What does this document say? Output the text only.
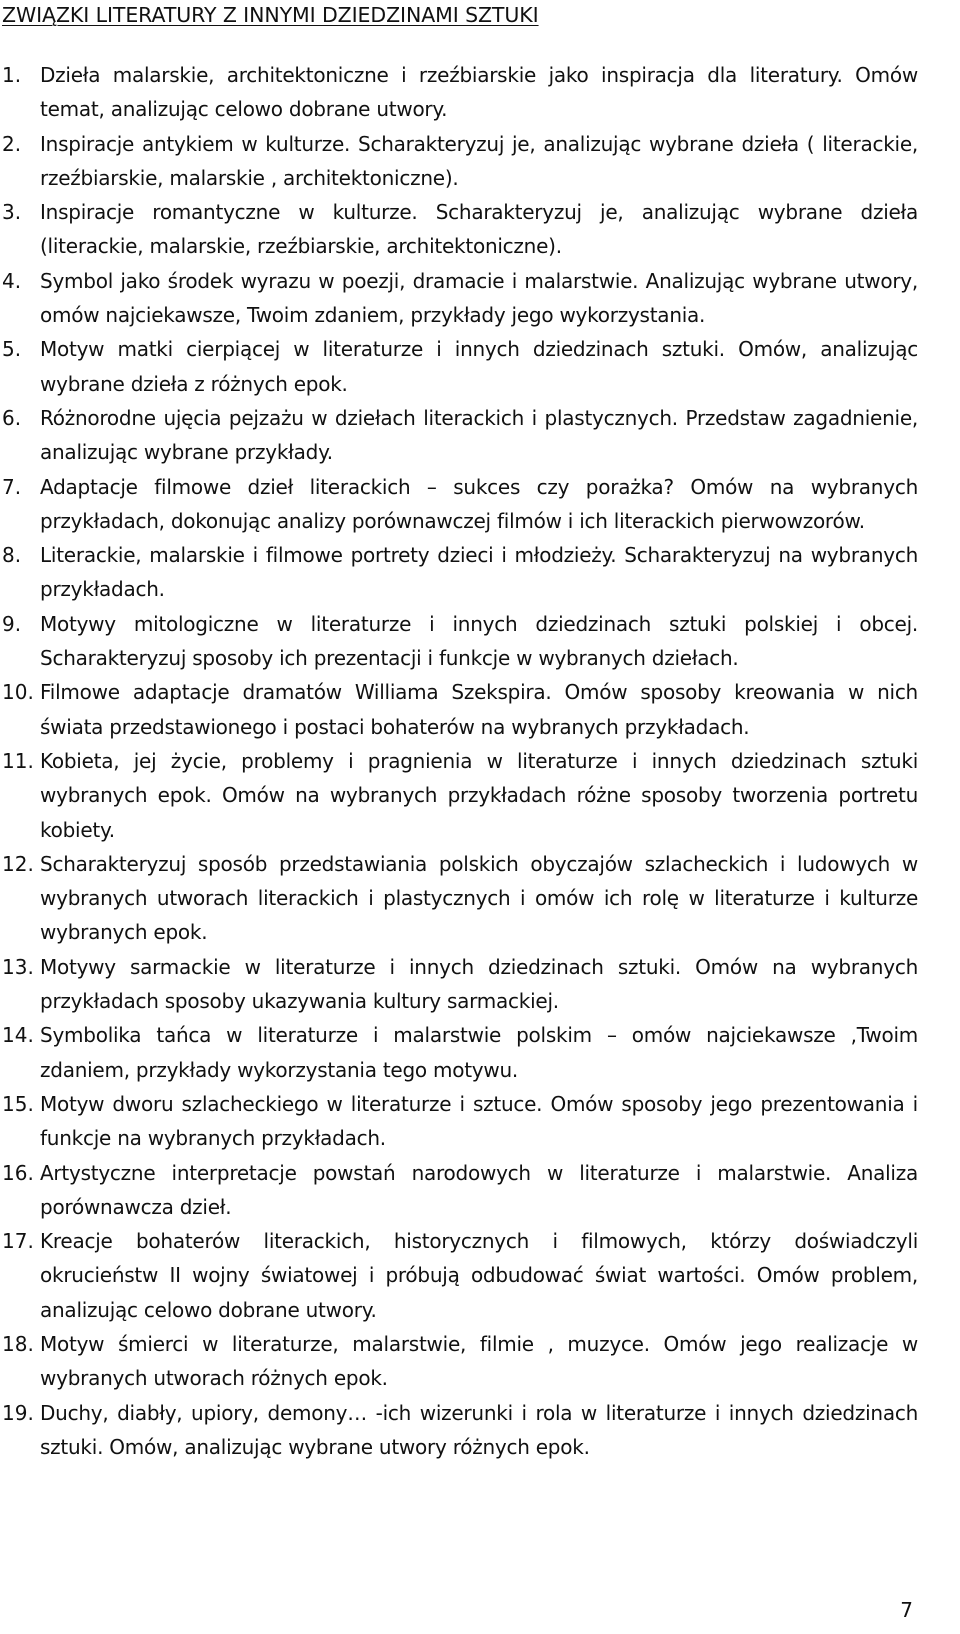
ZWIĄZKI LITERATURY Z INNYMI DZIEDZINAMI SZTUKI
1. Dzieła malarskie, architektoniczne i rzeźbiarskie jako inspiracja dla literatury. Omów temat, analizując celowo dobrane utwory.
2. Inspiracje antykiem w kulturze. Scharakteryzuj je, analizując wybrane dzieła ( literackie, rzeźbiarskie, malarskie , architektoniczne).
3. Inspiracje romantyczne w kulturze. Scharakteryzuj je, analizując wybrane dzieła (literackie, malarskie, rzeźbiarskie, architektoniczne).
4. Symbol jako środek wyrazu w poezji, dramacie i malarstwie. Analizując wybrane utwory, omów najciekawsze, Twoim zdaniem, przykłady jego wykorzystania.
5. Motyw matki cierpiącej w literaturze i innych dziedzinach sztuki. Omów, analizując wybrane dzieła z różnych epok.
6. Różnorodne ujęcia pejzażu w dziełach literackich i plastycznych. Przedstaw zagadnienie, analizując wybrane przykłady.
7. Adaptacje filmowe dzieł literackich – sukces czy porażka? Omów na wybranych przykładach, dokonując analizy porównawczej filmów i ich literackich pierwowzorów.
8. Literackie, malarskie i filmowe portrety dzieci i młodzieży. Scharakteryzuj na wybranych przykładach.
9. Motywy mitologiczne w literaturze i innych dziedzinach sztuki polskiej i obcej. Scharakteryzuj sposoby ich prezentacji i funkcje w wybranych dziełach.
10. Filmowe adaptacje dramatów Williama Szekspira. Omów sposoby kreowania w nich świata przedstawionego i postaci bohaterów na wybranych przykładach.
11. Kobieta, jej życie, problemy i pragnienia w literaturze i innych dziedzinach sztuki wybranych epok. Omów na wybranych przykładach różne sposoby tworzenia portretu kobiety.
12. Scharakteryzuj sposób przedstawiania polskich obyczajów szlacheckich i ludowych w wybranych utworach literackich i plastycznych i omów ich rolę w literaturze i kulturze wybranych epok.
13. Motywy sarmackie w literaturze i innych dziedzinach sztuki. Omów na wybranych przykładach sposoby ukazywania kultury sarmackiej.
14. Symbolika tańca w literaturze i malarstwie polskim – omów najciekawsze ,Twoim zdaniem, przykłady wykorzystania tego motywu.
15. Motyw dworu szlacheckiego w literaturze i sztuce. Omów sposoby jego prezentowania i funkcje na wybranych przykładach.
16. Artystyczne interpretacje powstań narodowych w literaturze i malarstwie. Analiza porównawcza dzieł.
17. Kreacje bohaterów literackich, historycznych i filmowych, którzy doświadczyli okrucieństw II wojny światowej i próbują odbudować świat wartości. Omów problem, analizując celowo dobrane utwory.
18. Motyw śmierci w literaturze, malarstwie, filmie , muzyce. Omów jego realizacje w wybranych utworach różnych epok.
19. Duchy, diabły, upiory, demony… -ich wizerunki i rola w literaturze i innych dziedzinach sztuki. Omów, analizując wybrane utwory różnych epok.
7
